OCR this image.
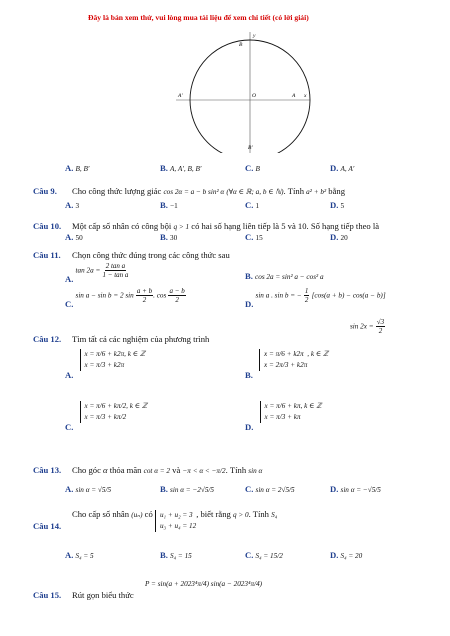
Đây là bản xem thử, vui lòng mua tài liệu để xem chi tiết (có lời giải)
y
B
A'	O	A x
B'
A. B, B′	B. A, A′, B, B′	C. B	D. A, A′
Câu 9. Cho công thức lượng giác cos 2α = a − b sin² α (∀α ∈ ℝ; a, b ∈ ℕ). Tính a² + b² bằng
A. 3	B. −1	C. 1	D. 5
Câu 10. Một cấp số nhân có công bội q > 1 có hai số hạng liên tiếp là 5 và 10. Số hạng tiếp theo là
A. 50	B. 30	C. 15	D. 20
Câu 11. Chọn công thức đúng trong các công thức sau
A. $\tan 2a = \frac{\text{2 tan a}}{\text{1 − tan a}}$	B. cos 2a = sin² a − cos² a
C. sin a − sin b = 2 $\sin \frac{a + b}{2}$ . $\cos \frac{a - b}{2}$
D. sin a . sin b = − $\frac{1}{2} [\cos(a + b) - \cos(a - b)]$
Câu 12. Tìm tất cả các nghiệm của phương trình
$\sin 2x = \frac{√3}{2}$
A.
x = π/6 + k2π
x = π/3 + k2π
, k ∈ ℤ
B.
x = π/6 + k2π
x = 2π/3 + k2π
, k ∈ ℤ
C.
x = π/6 + kπ/2
x = π/3 + kπ/2
, k ∈ ℤ
D.
x = π/6 + kπ
x = π/3 + kπ
, k ∈ ℤ
Câu 13. Cho góc α thỏa mãn cot α = 2 và −π < α < −π/2. Tính sin α
A. sin α = √5/5	B. sin α = −2√5/5	C. sin α = 2√5/5	D. sin α = −√5/5
Câu 14.
Cho cấp số nhân (uₙ) có u₁ + u₂ = 3
u₃ + u₄ = 12
, biết rằng q > 0. Tính S₄
A. S₄ = 5	B. S₄ = 15	C. S₄ = 15/2	D. S₄ = 20
Câu 15. Rút gọn biểu thức
P = sin(a + 2023⁴π/4) sin(a − 2023⁴π/4)
